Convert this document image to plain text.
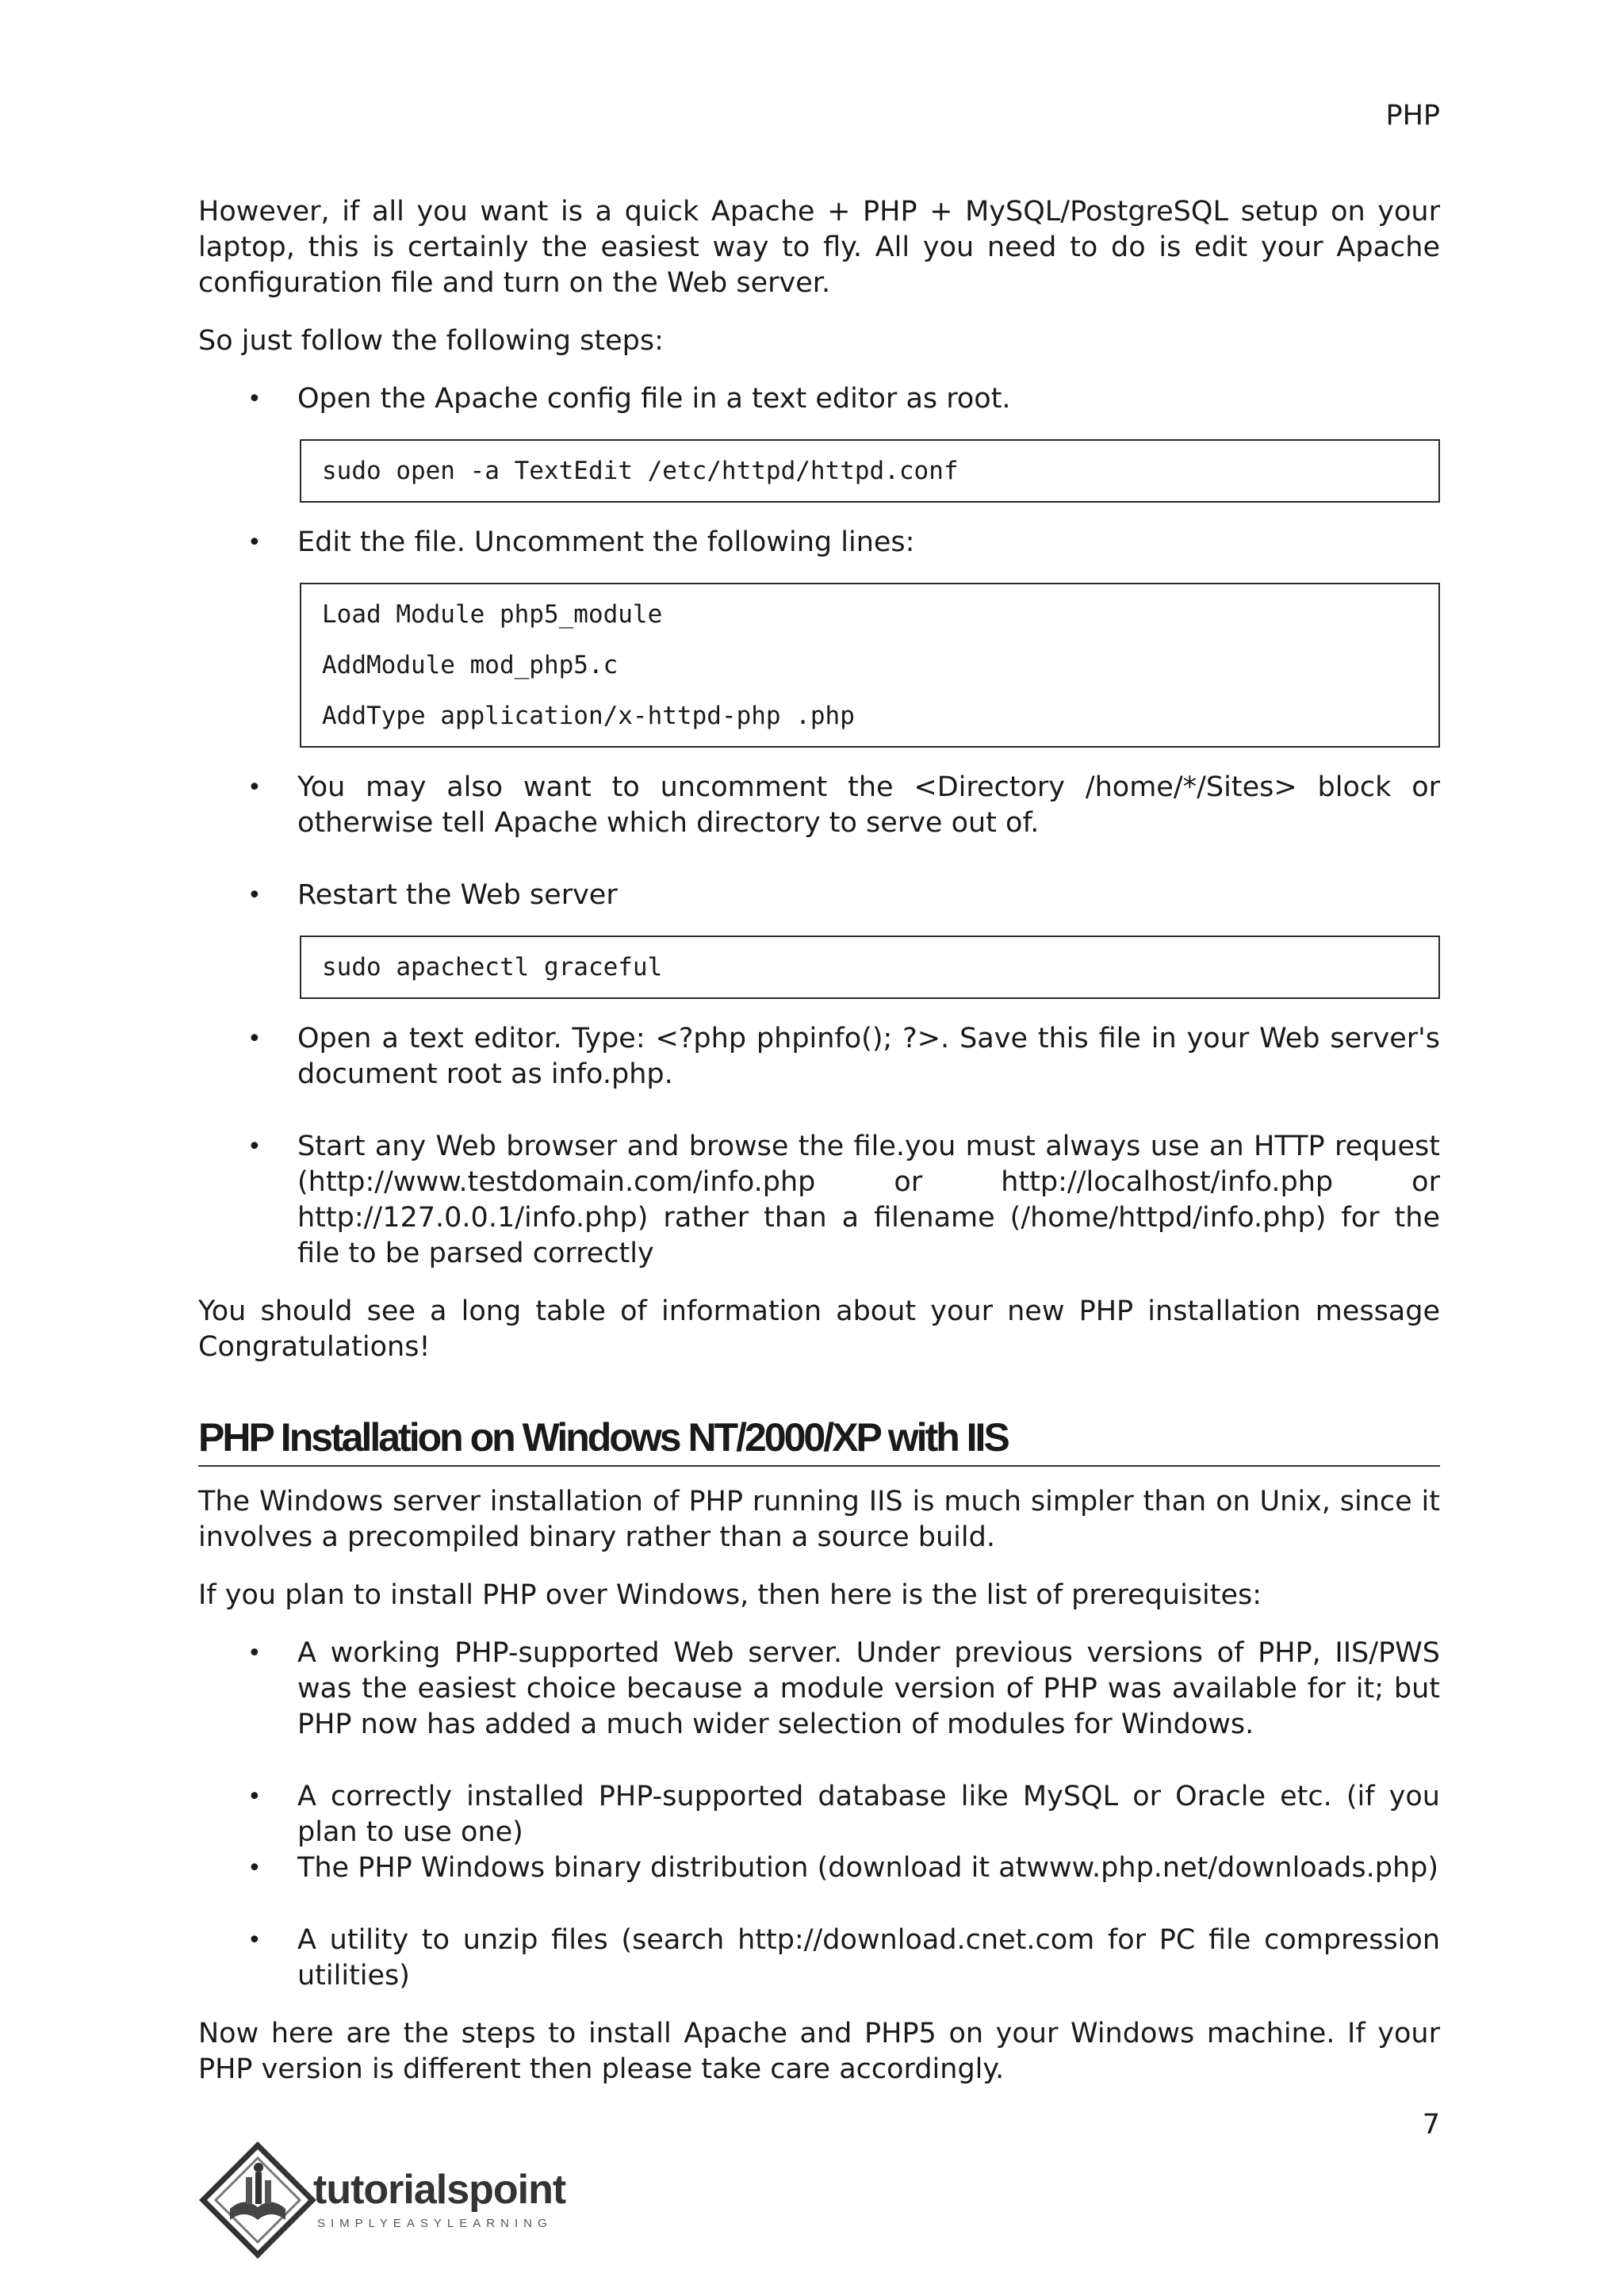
PHP

However, if all you want is a quick Apache + PHP + MySQL/PostgreSQL setup on your laptop, this is certainly the easiest way to fly. All you need to do is edit your Apache configuration file and turn on the Web server.

So just follow the following steps:

• Open the Apache config file in a text editor as root.
sudo open -a TextEdit /etc/httpd/httpd.conf
• Edit the file. Uncomment the following lines:
Load Module php5_module
AddModule mod_php5.c
AddType application/x-httpd-php .php
• You may also want to uncomment the <Directory /home/*/Sites> block or otherwise tell Apache which directory to serve out of.
• Restart the Web server
sudo apachectl graceful
• Open a text editor. Type: <?php phpinfo(); ?>. Save this file in your Web server's document root as info.php.
• Start any Web browser and browse the file.you must always use an HTTP request (http://www.testdomain.com/info.php or http://localhost/info.php or http://127.0.0.1/info.php) rather than a filename (/home/httpd/info.php) for the file to be parsed correctly

You should see a long table of information about your new PHP installation message Congratulations!

PHP Installation on Windows NT/2000/XP with IIS

The Windows server installation of PHP running IIS is much simpler than on Unix, since it involves a precompiled binary rather than a source build.

If you plan to install PHP over Windows, then here is the list of prerequisites:

• A working PHP-supported Web server. Under previous versions of PHP, IIS/PWS was the easiest choice because a module version of PHP was available for it; but PHP now has added a much wider selection of modules for Windows.
• A correctly installed PHP-supported database like MySQL or Oracle etc. (if you plan to use one)
• The PHP Windows binary distribution (download it atwww.php.net/downloads.php)
• A utility to unzip files (search http://download.cnet.com for PC file compression utilities)

Now here are the steps to install Apache and PHP5 on your Windows machine. If your PHP version is different then please take care accordingly.

7
tutorialspoint
SIMPLYEASYLEARNING
